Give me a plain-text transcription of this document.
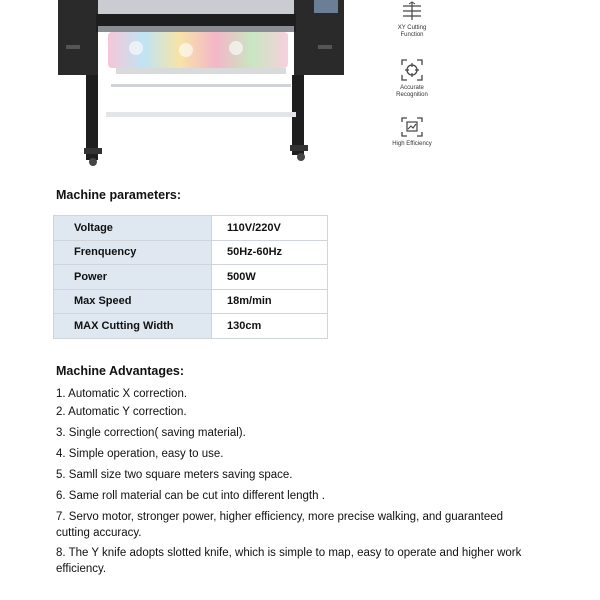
XY Cutting
Function
Accurate
Recognition
High Efficiency
Machine parameters:
Voltage	110V/220V
Frenquency	50Hz-60Hz
Power	500W
Max Speed	18m/min
MAX Cutting Width	130cm
Machine Advantages:
1. Automatic X correction.
2. Automatic Y correction.
3. Single correction( saving material).
4. Simple operation, easy to use.
5. Samll size two square meters saving space.
6. Same roll material can be cut into different length .
7. Servo motor, stronger power, higher efficiency, more precise walking, and guaranteed cutting accuracy.
8. The Y knife adopts slotted knife, which is simple to map, easy to operate and higher work efficiency.
